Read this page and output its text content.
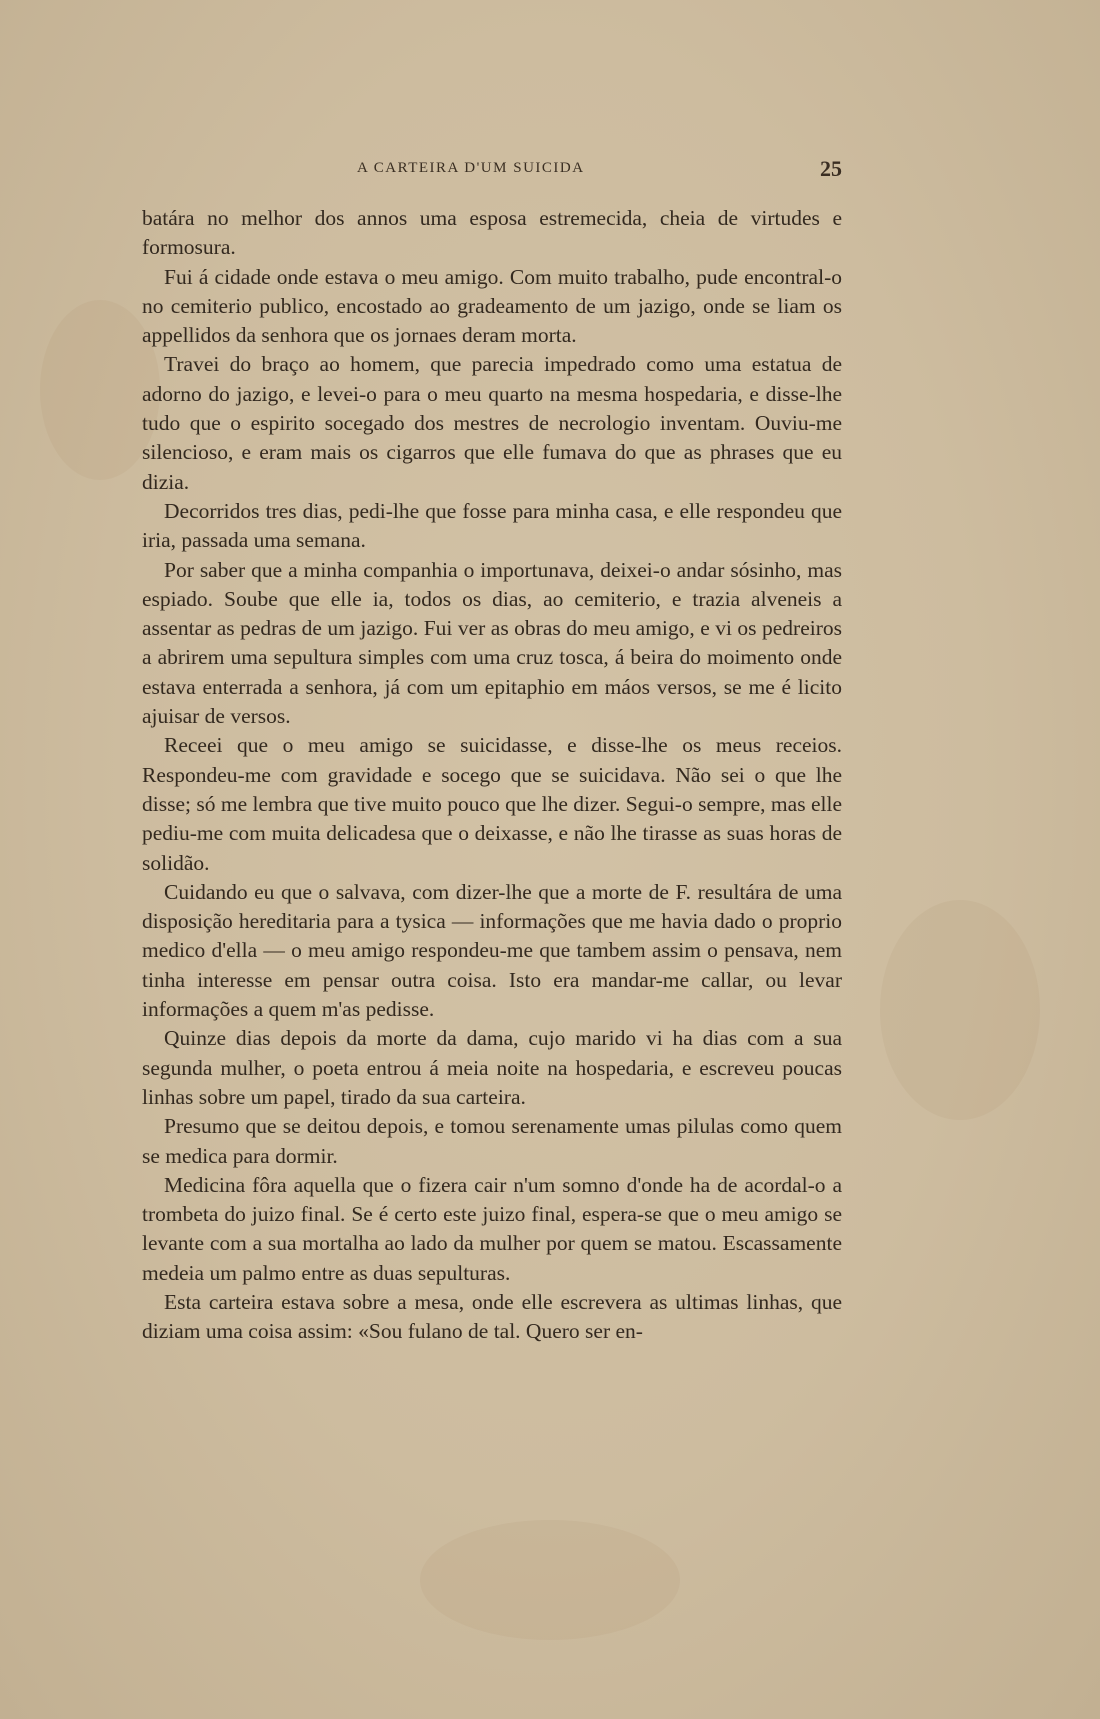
A CARTEIRA D'UM SUICIDA	25

batára no melhor dos annos uma esposa estremecida, cheia de virtudes e formosura.

Fui á cidade onde estava o meu amigo. Com muito trabalho, pude encontral-o no cemiterio publico, encostado ao gradeamento de um jazigo, onde se liam os appellidos da senhora que os jornaes deram morta.

Travei do braço ao homem, que parecia impedrado como uma estatua de adorno do jazigo, e levei-o para o meu quarto na mesma hospedaria, e disse-lhe tudo que o espirito socegado dos mestres de necrologio inventam. Ouviu-me silencioso, e eram mais os cigarros que elle fumava do que as phrases que eu dizia.

Decorridos tres dias, pedi-lhe que fosse para minha casa, e elle respondeu que iria, passada uma semana.

Por saber que a minha companhia o importunava, deixei-o andar sósinho, mas espiado. Soube que elle ia, todos os dias, ao cemiterio, e trazia alveneis a assentar as pedras de um jazigo. Fui ver as obras do meu amigo, e vi os pedreiros a abrirem uma sepultura simples com uma cruz tosca, á beira do moimento onde estava enterrada a senhora, já com um epitaphio em máos versos, se me é licito ajuisar de versos.

Receei que o meu amigo se suicidasse, e disse-lhe os meus receios. Respondeu-me com gravidade e socego que se suicidava. Não sei o que lhe disse; só me lembra que tive muito pouco que lhe dizer. Segui-o sempre, mas elle pediu-me com muita delicadesa que o deixasse, e não lhe tirasse as suas horas de solidão.

Cuidando eu que o salvava, com dizer-lhe que a morte de F. resultára de uma disposição hereditaria para a tysica — informações que me havia dado o proprio medico d'ella — o meu amigo respondeu-me que tambem assim o pensava, nem tinha interesse em pensar outra coisa. Isto era mandar-me callar, ou levar informações a quem m'as pedisse.

Quinze dias depois da morte da dama, cujo marido vi ha dias com a sua segunda mulher, o poeta entrou á meia noite na hospedaria, e escreveu poucas linhas sobre um papel, tirado da sua carteira.

Presumo que se deitou depois, e tomou serenamente umas pilulas como quem se medica para dormir.

Medicina fôra aquella que o fizera cair n'um somno d'onde ha de acordal-o a trombeta do juizo final. Se é certo este juizo final, espera-se que o meu amigo se levante com a sua mortalha ao lado da mulher por quem se matou. Escassamente medeia um palmo entre as duas sepulturas.

Esta carteira estava sobre a mesa, onde elle escrevera as ultimas linhas, que diziam uma coisa assim: «Sou fulano de tal. Quero ser en-
